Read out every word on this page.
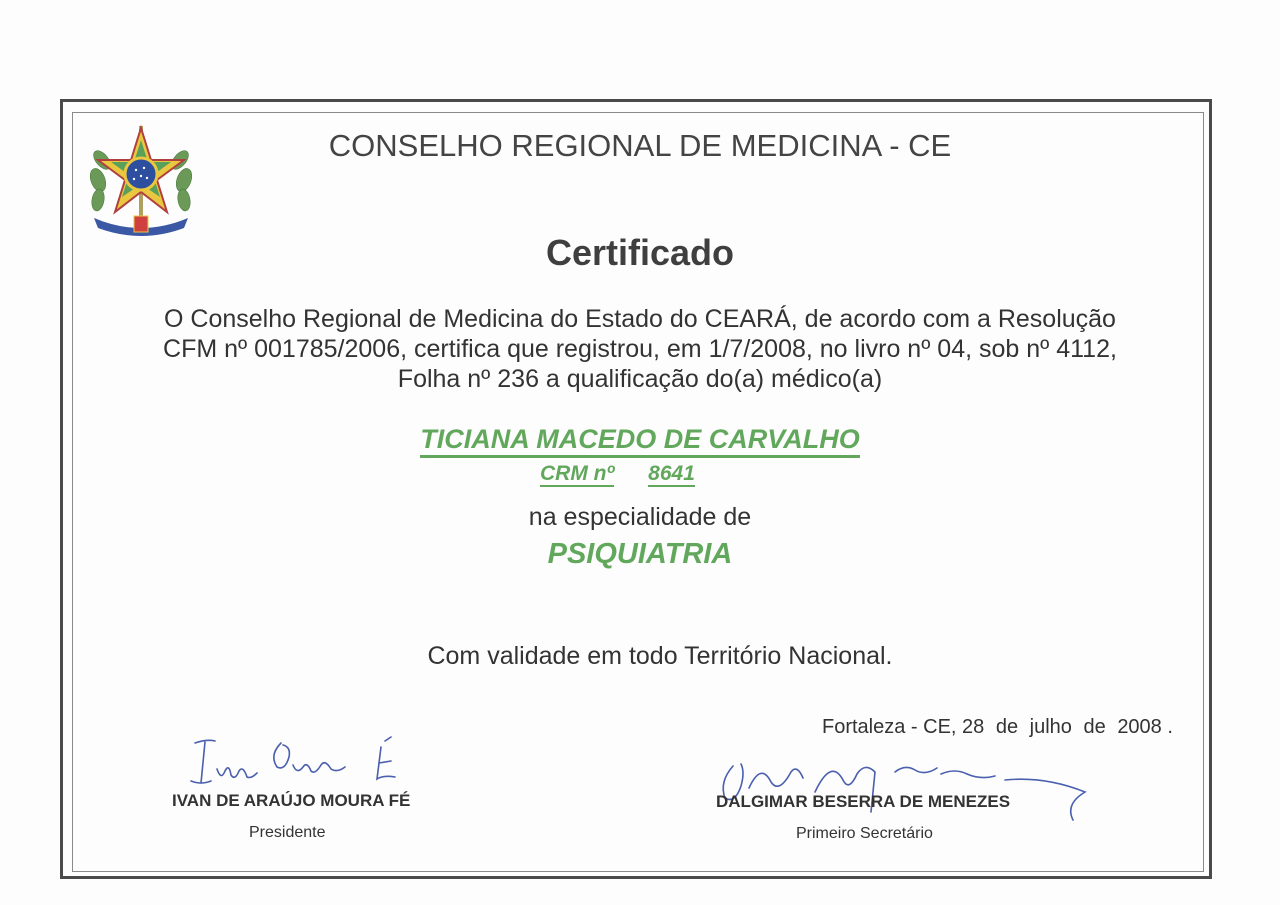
CONSELHO REGIONAL DE MEDICINA - CE
Certificado
O Conselho Regional de Medicina do Estado do CEARÁ, de acordo com a Resolução
CFM nº 001785/2006, certifica que registrou, em 1/7/2008, no livro nº 04, sob nº 4112,
Folha nº 236 a qualificação do(a) médico(a)
TICIANA MACEDO DE CARVALHO
CRM nº 8641
na especialidade de
PSIQUIATRIA
Com validade em todo Território Nacional.
Fortaleza - CE, 28 de julho de 2008 .
IVAN DE ARAÚJO MOURA FÉ
Presidente
DALGIMAR BESERRA DE MENEZES
Primeiro Secretário
